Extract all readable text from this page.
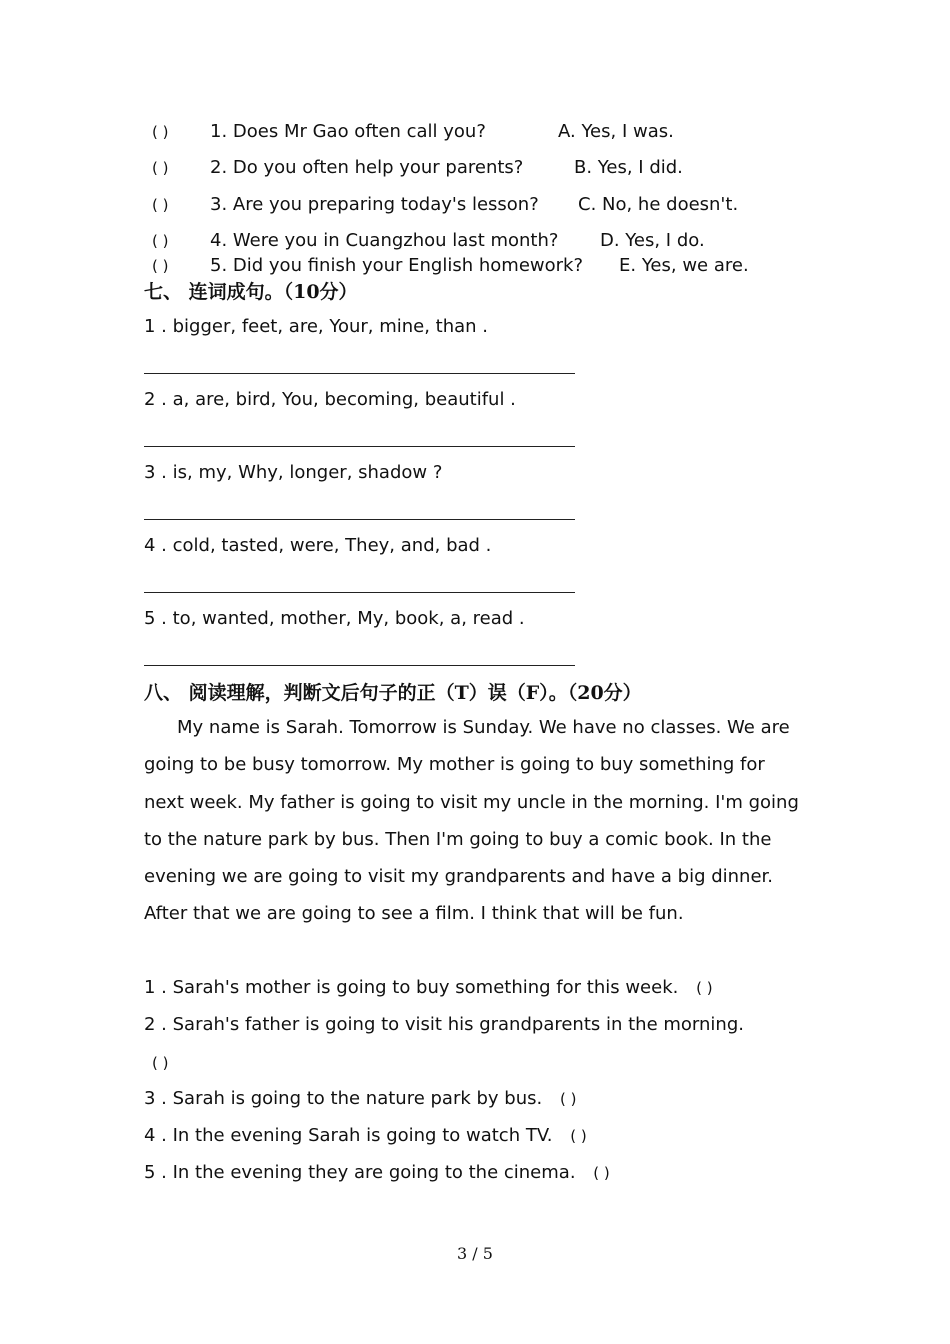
( ) 1. Does Mr Gao often call you?	A. Yes, I was.
( ) 2. Do you often help your parents?	B. Yes, I did.
( ) 3. Are you preparing today's lesson? C. No, he doesn't.
( ) 4. Were you in Cuangzhou last month? D. Yes, I do.
( ) 5. Did you finish your English homework? E. Yes, we are.
七、 连词成句。（10分）
1 . bigger, feet, are, Your, mine, than .
2 . a, are, bird, You, becoming, beautiful .
3 . is, my, Why, longer, shadow ?
4 . cold, tasted, were, They, and, bad .
5 . to, wanted, mother, My, book, a, read .
八、 阅读理解，判断文后句子的正（T）误（F）。（20分）

My name is Sarah. Tomorrow is Sunday. We have no classes. We are going to be busy tomorrow. My mother is going to buy something for next week. My father is going to visit my uncle in the morning. I'm going to the nature park by bus. Then I'm going to buy a comic book. In the evening we are going to visit my grandparents and have a big dinner. After that we are going to see a film. I think that will be fun.

1 . Sarah's mother is going to buy something for this week. ( )
2 . Sarah's father is going to visit his grandparents in the morning.
( )
3 . Sarah is going to the nature park by bus. ( )
4 . In the evening Sarah is going to watch TV. ( )
5 . In the evening they are going to the cinema. ( )
3 / 5
